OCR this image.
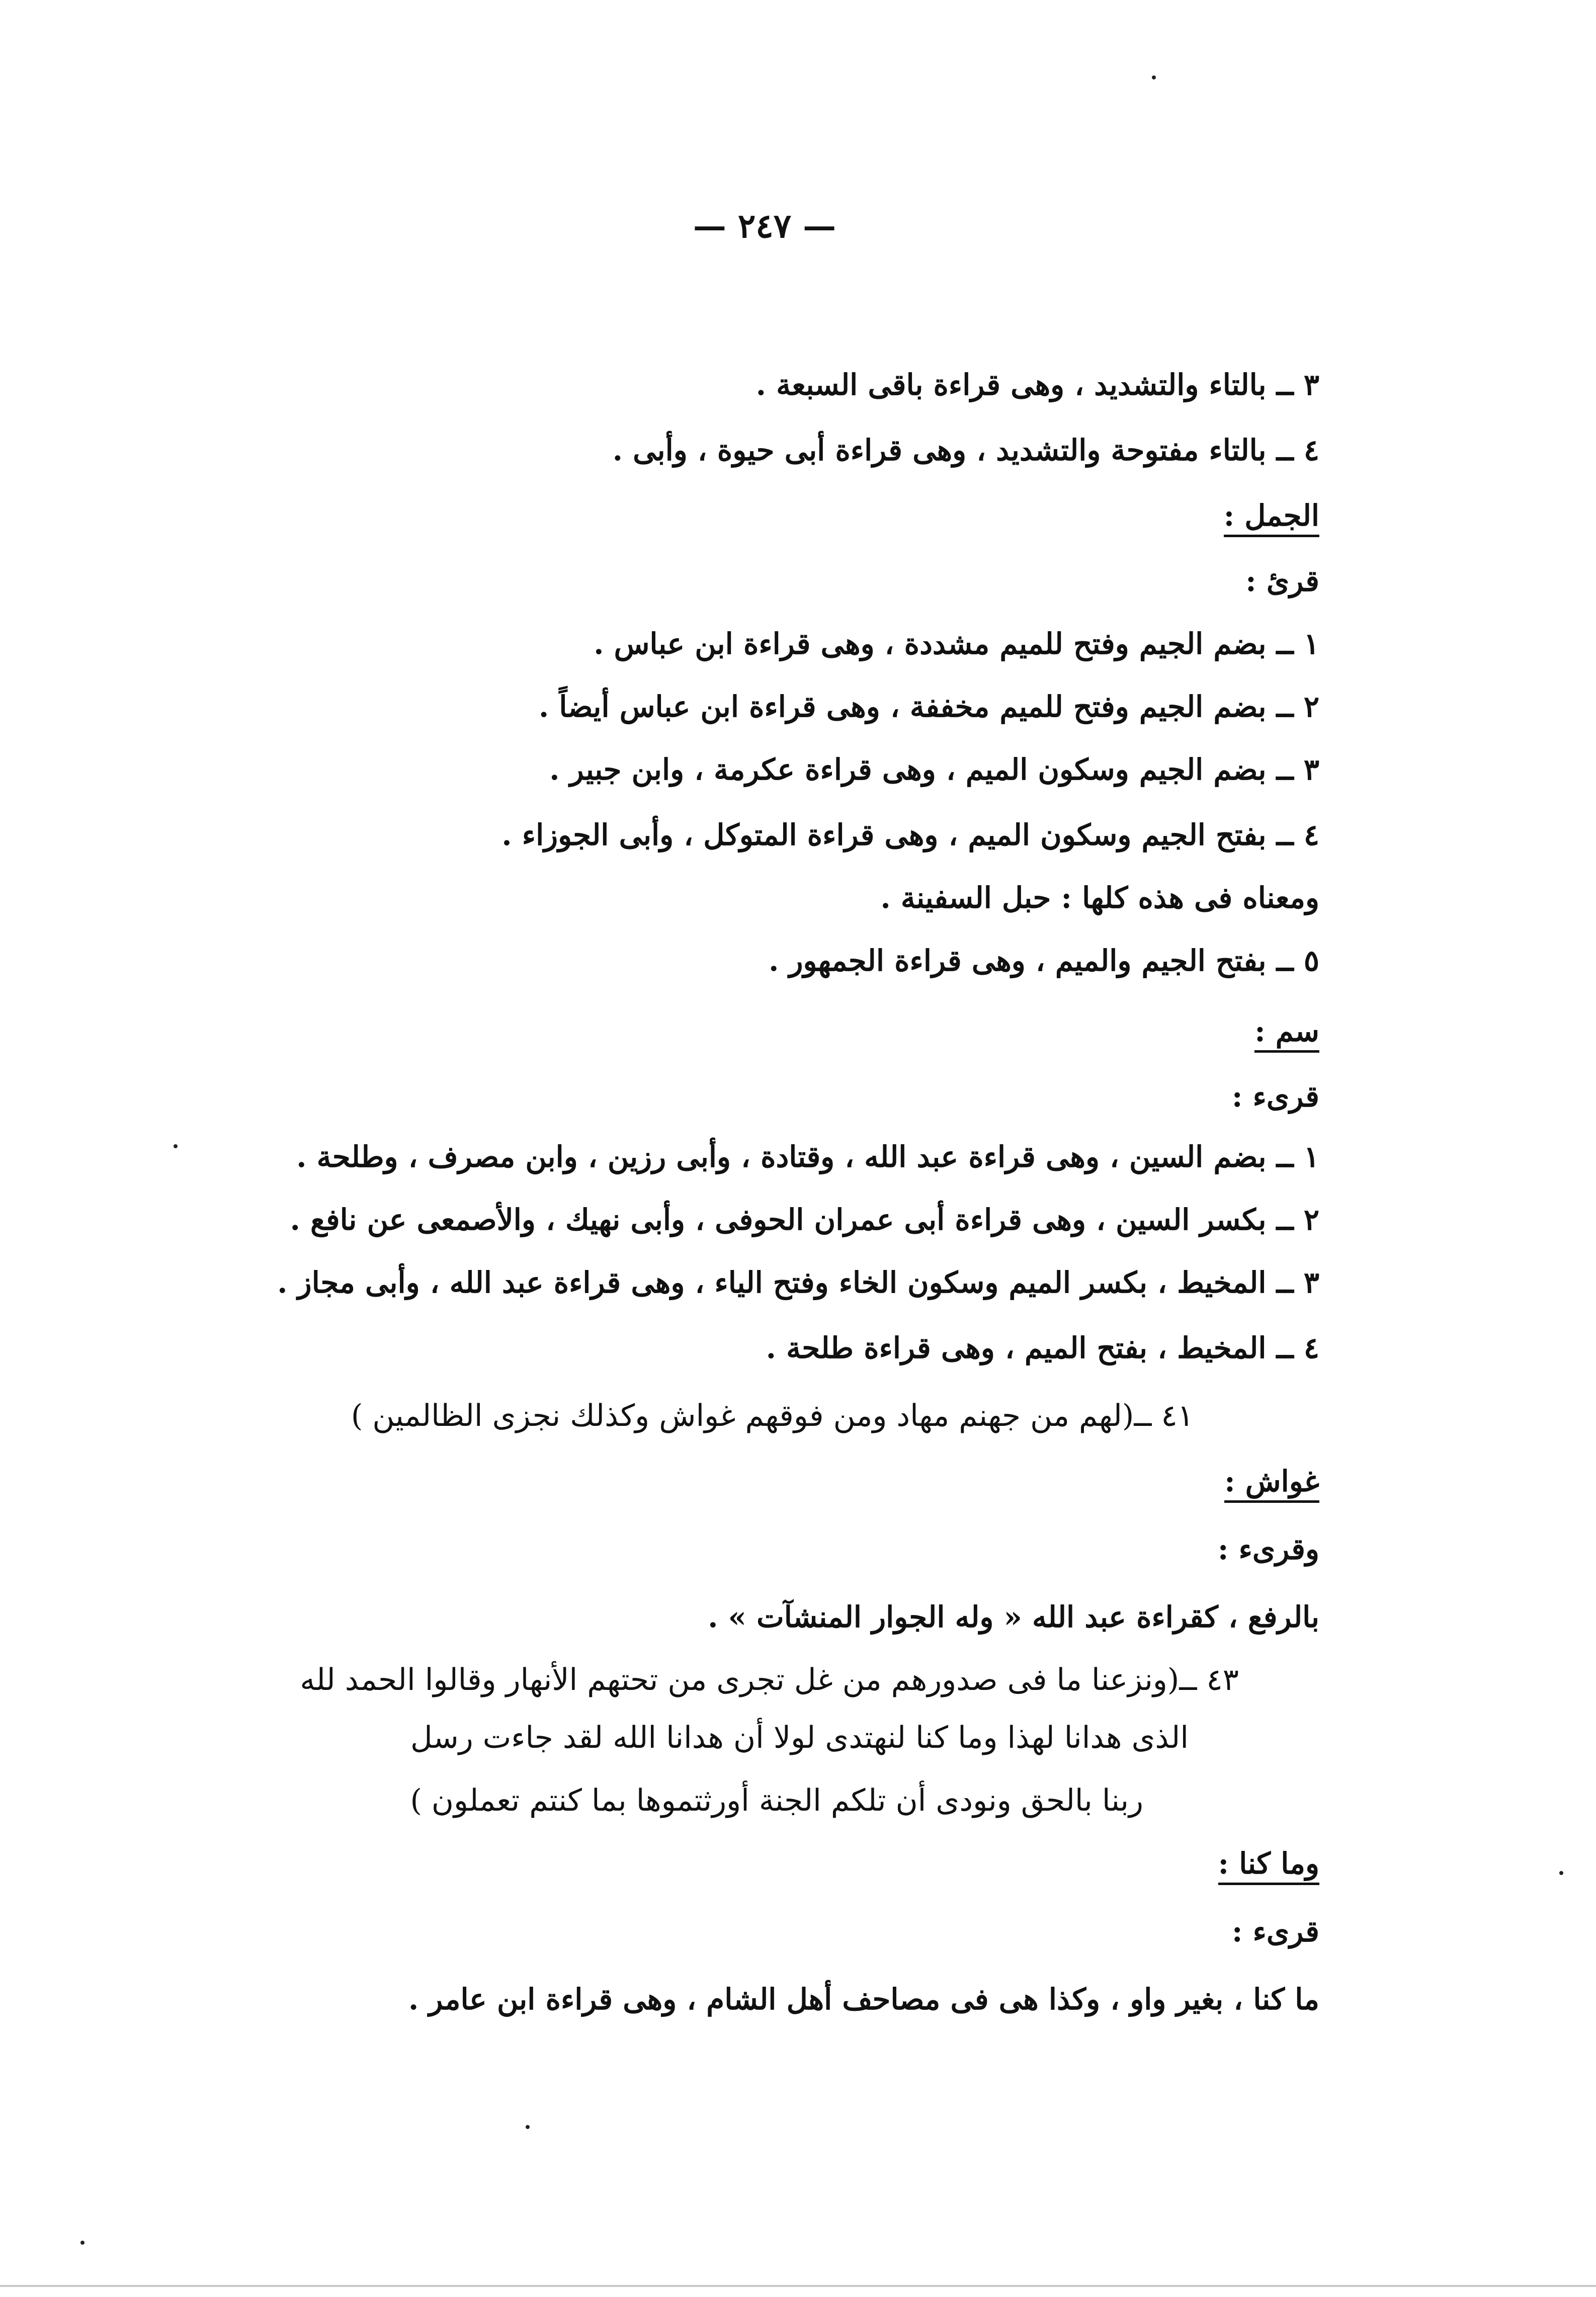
— ٢٤٧ —
٣ ــ بالتاء والتشديد ، وهى قراءة باقى السبعة .
٤ ــ بالتاء مفتوحة والتشديد ، وهى قراءة أبى حيوة ، وأبى .
الجمل :
قرئ :
١ ــ بضم الجيم وفتح للميم مشددة ، وهى قراءة ابن عباس .
٢ ــ بضم الجيم وفتح للميم مخففة ، وهى قراءة ابن عباس أيضاً .
٣ ــ بضم الجيم وسكون الميم ، وهى قراءة عكرمة ، وابن جبير .
٤ ــ بفتح الجيم وسكون الميم ، وهى قراءة المتوكل ، وأبى الجوزاء .
ومعناه فى هذه كلها : حبل السفينة .
٥ ــ بفتح الجيم والميم ، وهى قراءة الجمهور .
سم :
قرىء :
١ ــ بضم السين ، وهى قراءة عبد الله ، وقتادة ، وأبى رزين ، وابن مصرف ، وطلحة .
٢ ــ بكسر السين ، وهى قراءة أبى عمران الحوفى ، وأبى نهيك ، والأصمعى عن نافع .
٣ ــ المخيط ، بكسر الميم وسكون الخاء وفتح الياء ، وهى قراءة عبد الله ، وأبى مجاز .
٤ ــ المخيط ، بفتح الميم ، وهى قراءة طلحة .
٤١ ــ(لهم من جهنم مهاد ومن فوقهم غواش وكذلك نجزى الظالمين )
غواش :
وقرىء :
بالرفع ، كقراءة عبد الله « وله الجوار المنشآت » .
٤٣ ــ(ونزعنا ما فى صدورهم من غل تجرى من تحتهم الأنهار وقالوا الحمد لله
الذى هدانا لهذا وما كنا لنهتدى لولا أن هدانا الله لقد جاءت رسل
ربنا بالحق ونودى أن تلكم الجنة أورثتموها بما كنتم تعملون )
وما كنا :
قرىء :
ما كنا ، بغير واو ، وكذا هى فى مصاحف أهل الشام ، وهى قراءة ابن عامر .
